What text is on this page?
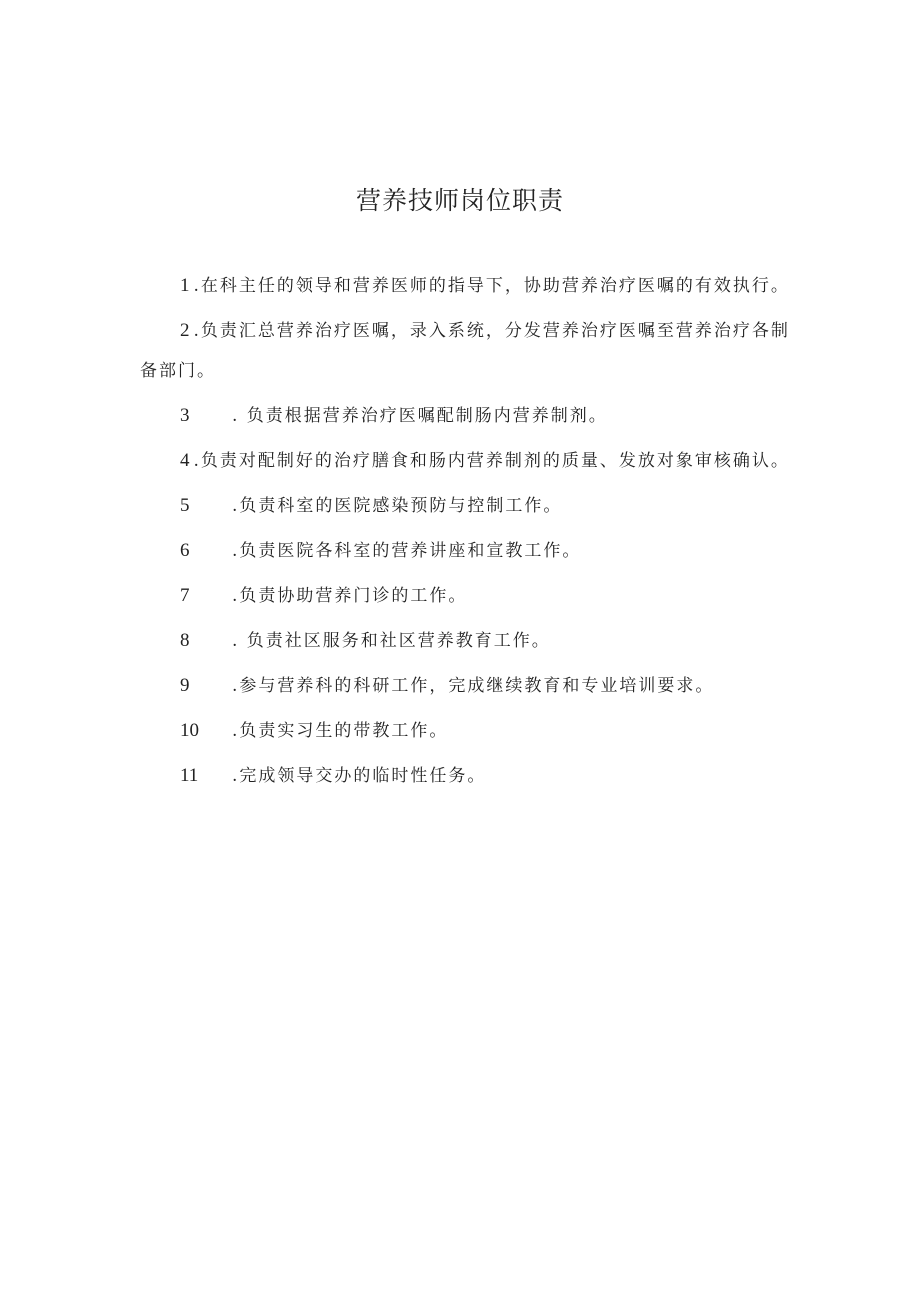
营养技师岗位职责

1 .在科主任的领导和营养医师的指导下，协助营养治疗医嘱的有效执行。

2 .负责汇总营养治疗医嘱，录入系统，分发营养治疗医嘱至营养治疗各制备部门。

3	. 负责根据营养治疗医嘱配制肠内营养制剂。

4 .负责对配制好的治疗膳食和肠内营养制剂的质量、发放对象审核确认。

5	.负责科室的医院感染预防与控制工作。

6	.负责医院各科室的营养讲座和宣教工作。

7	.负责协助营养门诊的工作。

8	. 负责社区服务和社区营养教育工作。

9	.参与营养科的科研工作，完成继续教育和专业培训要求。

10 .负责实习生的带教工作。

11 .完成领导交办的临时性任务。
